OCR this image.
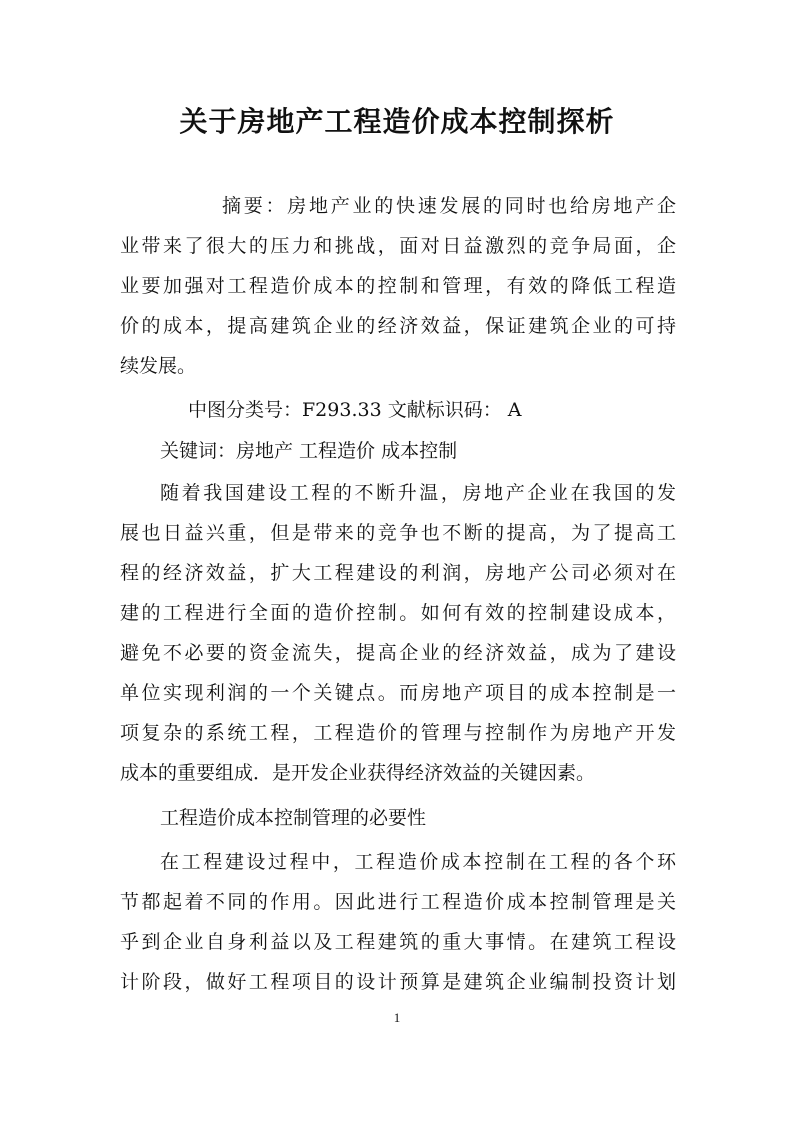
关于房地产工程造价成本控制探析
摘要：房地产业的快速发展的同时也给房地产企
业带来了很大的压力和挑战，面对日益激烈的竞争局面，企
业要加强对工程造价成本的控制和管理，有效的降低工程造
价的成本，提高建筑企业的经济效益，保证建筑企业的可持
续发展。
中图分类号：F293.33 文献标识码： A
关键词：房地产 工程造价 成本控制
随着我国建设工程的不断升温，房地产企业在我国的发
展也日益兴重，但是带来的竞争也不断的提高，为了提高工
程的经济效益，扩大工程建设的利润，房地产公司必须对在
建的工程进行全面的造价控制。如何有效的控制建设成本，
避免不必要的资金流失，提高企业的经济效益，成为了建设
单位实现利润的一个关键点。而房地产项目的成本控制是一
项复杂的系统工程，工程造价的管理与控制作为房地产开发
成本的重要组成．是开发企业获得经济效益的关键因素。
工程造价成本控制管理的必要性
在工程建设过程中，工程造价成本控制在工程的各个环
节都起着不同的作用。因此进行工程造价成本控制管理是关
乎到企业自身利益以及工程建筑的重大事情。在建筑工程设
计阶段，做好工程项目的设计预算是建筑企业编制投资计划
1
